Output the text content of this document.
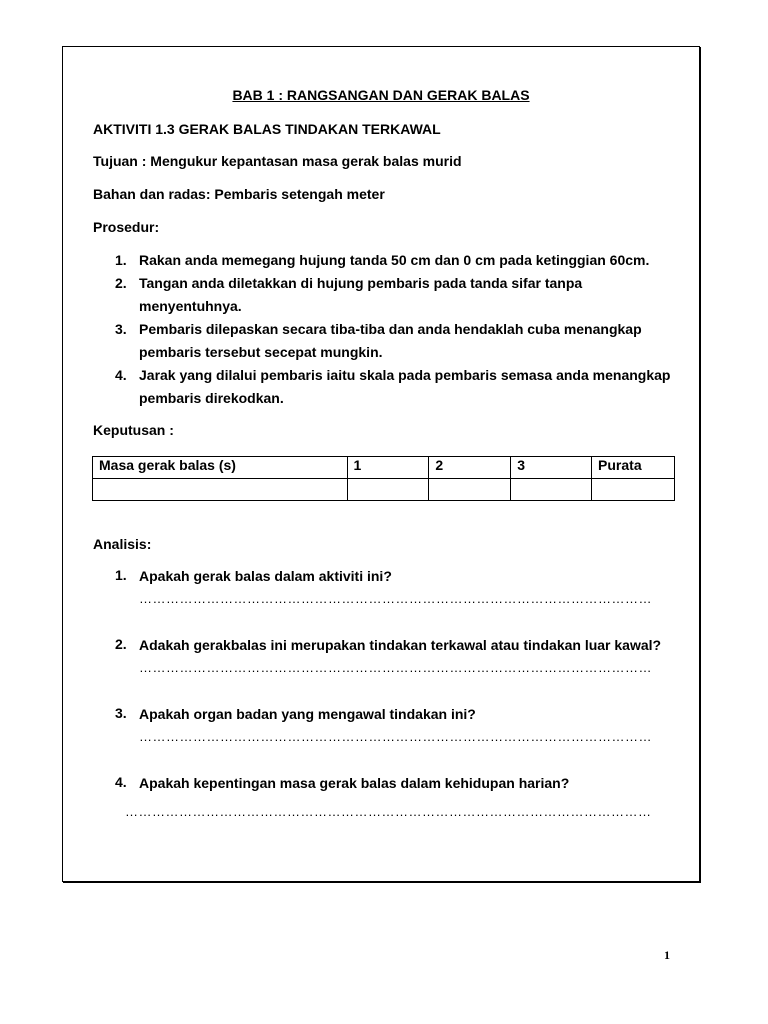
BAB 1 : RANGSANGAN DAN GERAK BALAS
AKTIVITI 1.3 GERAK BALAS TINDAKAN TERKAWAL
Tujuan : Mengukur kepantasan masa gerak balas murid
Bahan dan radas: Pembaris setengah meter
Prosedur:
1. Rakan anda memegang hujung tanda 50 cm dan 0 cm pada ketinggian 60cm.
2. Tangan anda diletakkan di hujung pembaris pada tanda sifar tanpa menyentuhnya.
3. Pembaris dilepaskan secara tiba-tiba dan anda hendaklah cuba menangkap pembaris tersebut secepat mungkin.
4. Jarak yang dilalui pembaris iaitu skala pada pembaris semasa anda menangkap pembaris direkodkan.
Keputusan :
Masa gerak balas (s)	1	2	3	Purata

Analisis:
1. Apakah gerak balas dalam aktiviti ini?
……………………………………………………………………………………………………
2. Adakah gerakbalas ini merupakan tindakan terkawal atau tindakan luar kawal?
……………………………………………………………………………………………………
3. Apakah organ badan yang mengawal tindakan ini?
……………………………………………………………………………………………………
4. Apakah kepentingan masa gerak balas dalam kehidupan harian?
………………………………………………………………………………………………………
1
